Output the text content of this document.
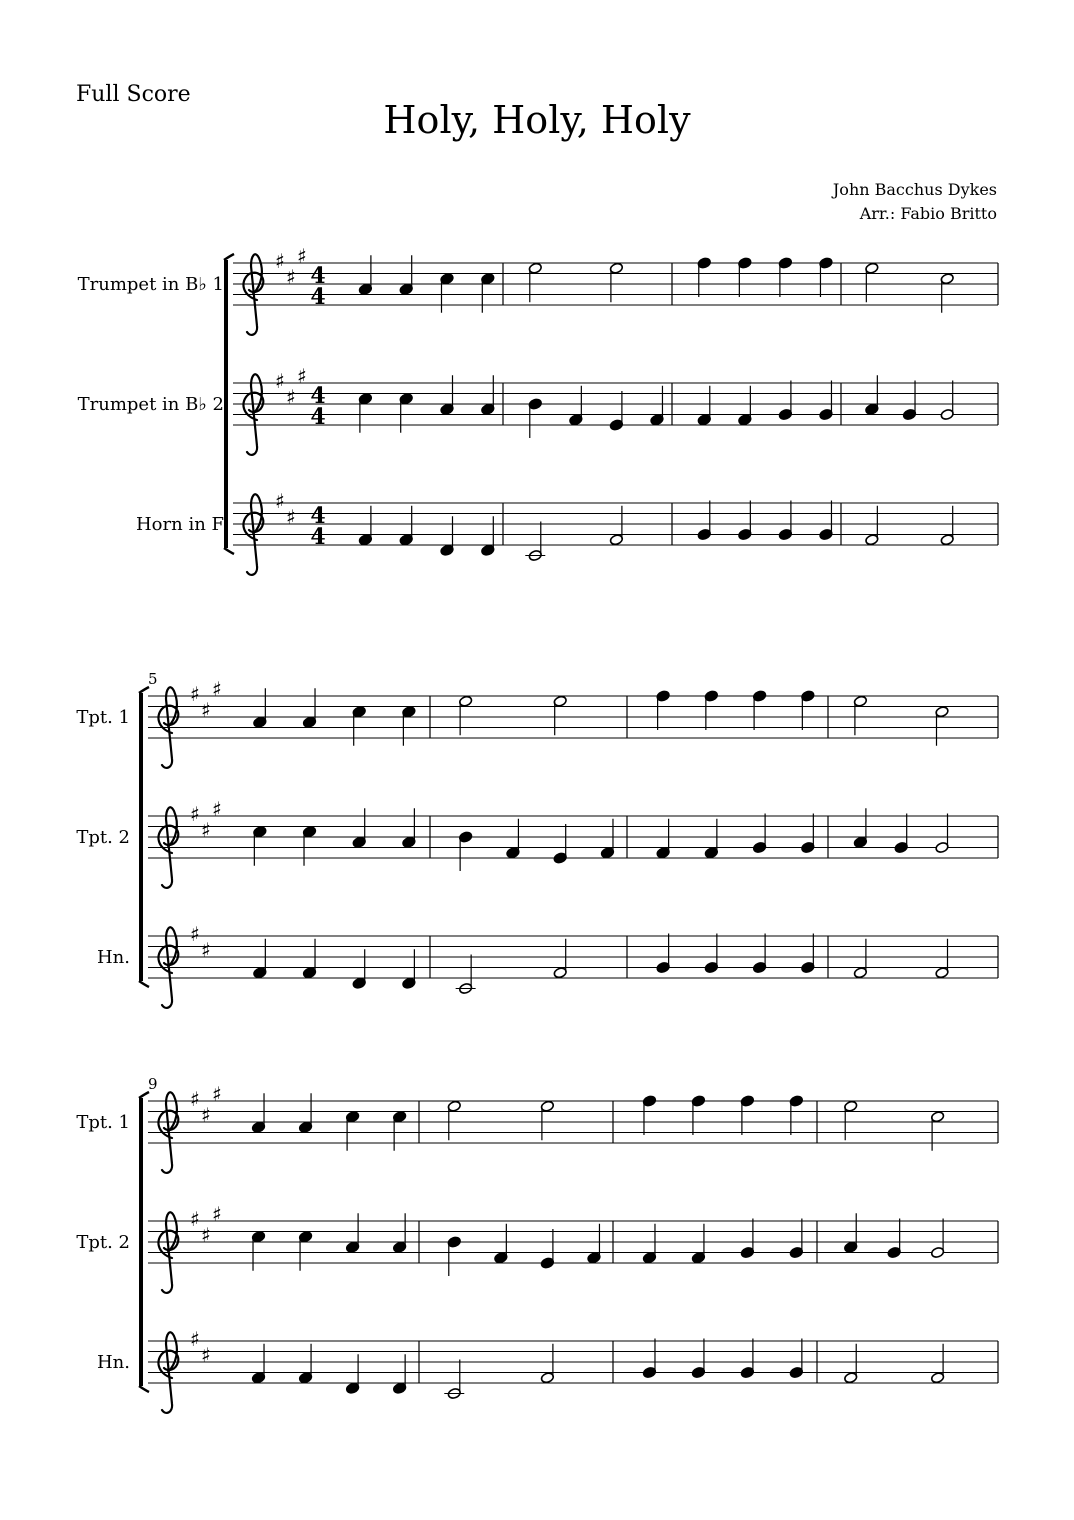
Full Score
Holy, Holy, Holy
John Bacchus Dykes
Arr.: Fabio Britto
Trumpet in B♭ 1
♯
♯
♯
4
4
Trumpet in B♭ 2
♯
♯
♯
4
4
Horn in F
♯
♯ 4
4
5
Tpt. 1
♯
♯
♯
Tpt. 2
♯
♯
♯
Hn.
♯
♯
9
Tpt. 1
♯
♯
♯
Tpt. 2
♯
♯
♯
Hn.
♯
♯
